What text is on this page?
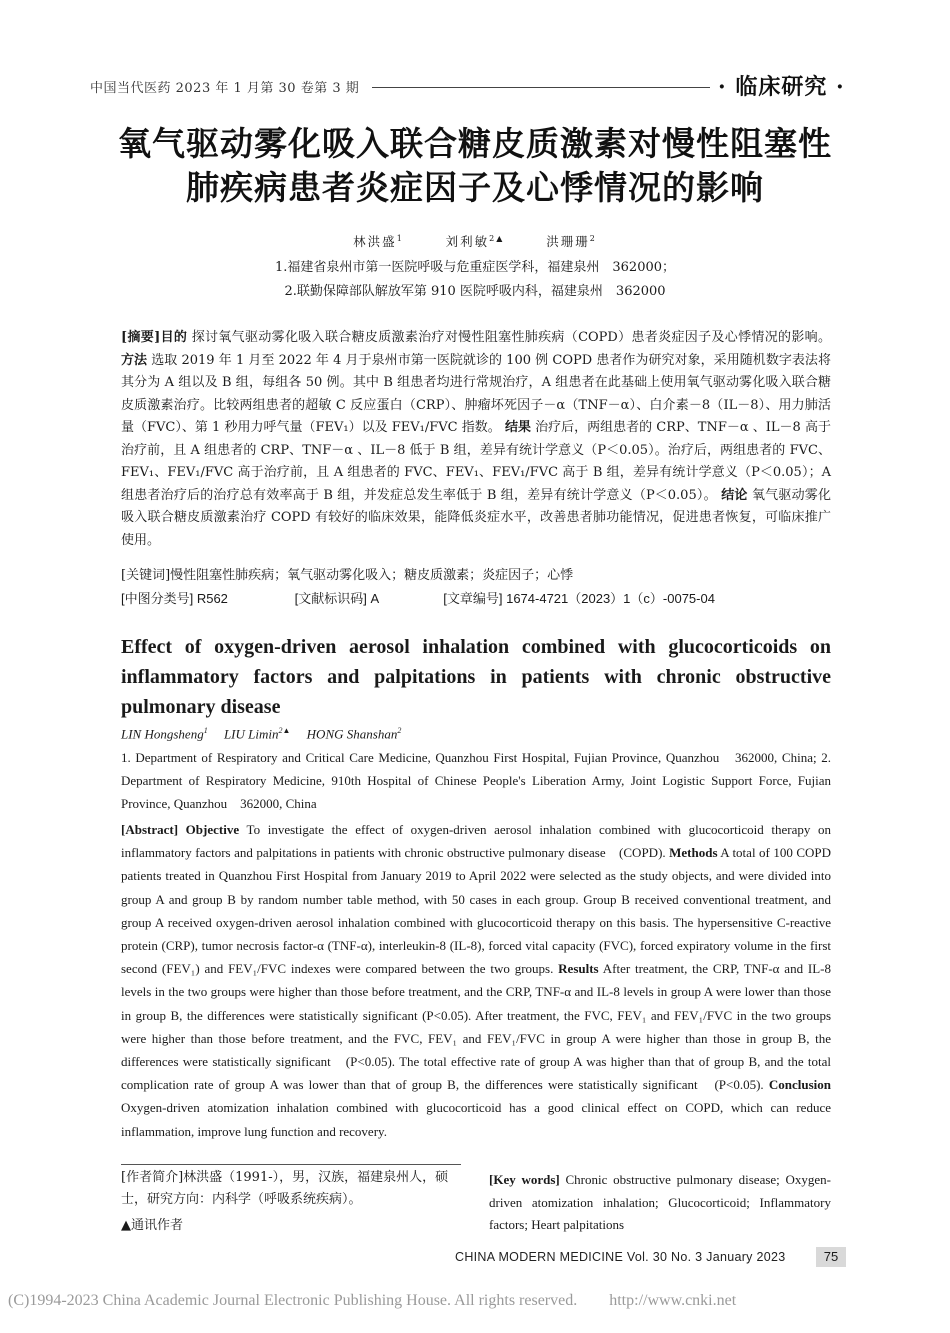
中国当代医药 2023 年 1 月第 30 卷第 3 期	· 临床研究 ·
氧气驱动雾化吸入联合糖皮质激素对慢性阻塞性
肺疾病患者炎症因子及心悸情况的影响
林洪盛$^1$	刘利敏$^{2▲}$	洪珊珊$^2$
1.福建省泉州市第一医院呼吸与危重症医学科，福建泉州　362000；
2.联勤保障部队解放军第 910 医院呼吸内科，福建泉州　362000
[摘要]目的 探讨氧气驱动雾化吸入联合糖皮质激素治疗对慢性阻塞性肺疾病（COPD）患者炎症因子及心悸情况的影响。 方法 选取 2019 年 1 月至 2022 年 4 月于泉州市第一医院就诊的 100 例 COPD 患者作为研究对象，采用随机数字表法将其分为 A 组以及 B 组，每组各 50 例。其中 B 组患者均进行常规治疗，A 组患者在此基础上使用氧气驱动雾化吸入联合糖皮质激素治疗。比较两组患者的超敏 C 反应蛋白（CRP）、肿瘤坏死因子－α（TNF－α）、白介素－8（IL－8）、用力肺活量（FVC）、第 1 秒用力呼气量（FEV₁）以及 FEV₁/FVC 指数。 结果 治疗后，两组患者的 CRP、TNF－α 、IL－8 高于治疗前，且 A 组患者的 CRP、TNF－α 、IL－8 低于 B 组，差异有统计学意义（P＜0.05）。治疗后，两组患者的 FVC、FEV₁、FEV₁/FVC 高于治疗前，且 A 组患者的 FVC、FEV₁、FEV₁/FVC 高于 B 组，差异有统计学意义（P＜0.05）；A 组患者治疗后的治疗总有效率高于 B 组，并发症总发生率低于 B 组，差异有统计学意义（P＜0.05）。 结论 氧气驱动雾化吸入联合糖皮质激素治疗 COPD 有较好的临床效果，能降低炎症水平，改善患者肺功能情况，促进患者恢复，可临床推广使用。
[关键词]慢性阻塞性肺疾病；氧气驱动雾化吸入；糖皮质激素；炎症因子；心悸
[中图分类号] R562	[文献标识码] A	[文章编号] 1674-4721（2023）1（c）-0075-04
Effect of oxygen-driven aerosol inhalation combined with glucocorticoids on inflammatory factors and palpitations in patients with chronic obstructive pulmonary disease
LIN Hongsheng$^1$ LIU Limin$^{2▲}$ HONG Shanshan$^2$
1. Department of Respiratory and Critical Care Medicine, Quanzhou First Hospital, Fujian Province, Quanzhou　362000, China; 2. Department of Respiratory Medicine, 910th Hospital of Chinese People's Liberation Army, Joint Logistic Support Force, Fujian Province, Quanzhou　362000, China
[Abstract] Objective To investigate the effect of oxygen-driven aerosol inhalation combined with glucocorticoid therapy on inflammatory factors and palpitations in patients with chronic obstructive pulmonary disease　(COPD). Methods A total of 100 COPD patients treated in Quanzhou First Hospital from January 2019 to April 2022 were selected as the study objects, and were divided into group A and group B by random number table method, with 50 cases in each group. Group B received conventional treatment, and group A received oxygen-driven aerosol inhalation combined with glucocorticoid therapy on this basis. The hypersensitive C-reactive protein (CRP), tumor necrosis factor-α (TNF-α), interleukin-8 (IL-8), forced vital capacity (FVC), forced expiratory volume in the first second (FEV₁) and FEV₁/FVC indexes were compared between the two groups. Results After treatment, the CRP, TNF-α and IL-8 levels in the two groups were higher than those before treatment, and the CRP, TNF-α and IL-8 levels in group A were lower than those in group B, the differences were statistically significant (P<0.05). After treatment, the FVC, FEV₁ and FEV₁/FVC in the two groups were higher than those before treatment, and the FVC, FEV₁ and FEV₁/FVC in group A were higher than those in group B, the differences were statistically significant　(P<0.05). The total effective rate of group A was higher than that of group B, and the total complication rate of group A was lower than that of group B, the differences were statistically significant　(P<0.05). Conclusion Oxygen-driven atomization inhalation combined with glucocorticoid has a good clinical effect on COPD, which can reduce inflammation, improve lung function and recovery.
[作者简介]林洪盛（1991-），男，汉族，福建泉州人，硕士，研究方向：内科学（呼吸系统疾病）。
▲通讯作者
[Key words] Chronic obstructive pulmonary disease; Oxygen-driven atomization inhalation; Glucocorticoid; Inflammatory factors; Heart palpitations
CHINA MODERN MEDICINE Vol. 30 No. 3 January 2023	75
(C)1994-2023 China Academic Journal Electronic Publishing House. All rights reserved.　　http://www.cnki.net
